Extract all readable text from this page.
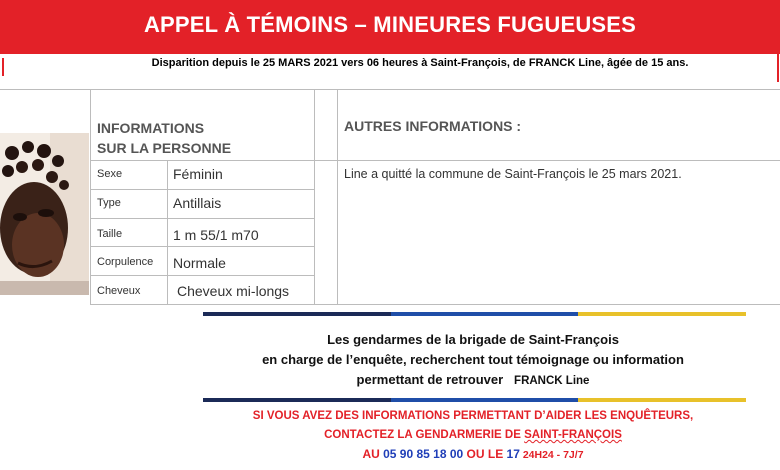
APPEL À TÉMOINS – MINEURES FUGUEUSES
Disparition depuis le 25 MARS 2021 vers 06 heures à Saint-François, de FRANCK Line, âgée de 15 ans.
INFORMATIONS
SUR LA PERSONNE
AUTRES INFORMATIONS :
Sexe	Féminin
Type	Antillais
Taille	1 m 55/1 m70
Corpulence Normale
Cheveux	Cheveux mi-longs
Line a quitté la commune de Saint-François le 25 mars 2021.
Les gendarmes de la brigade de Saint-François
en charge de l’enquête, recherchent tout témoignage ou information
permettant de retrouver   FRANCK Line
SI VOUS AVEZ DES INFORMATIONS PERMETTANT D’AIDER LES ENQUÊTEURS,
CONTACTEZ LA GENDARMERIE DE SAINT-FRANÇOIS
AU 05 90 85 18 00 OU LE 17 24H24 - 7J/7
